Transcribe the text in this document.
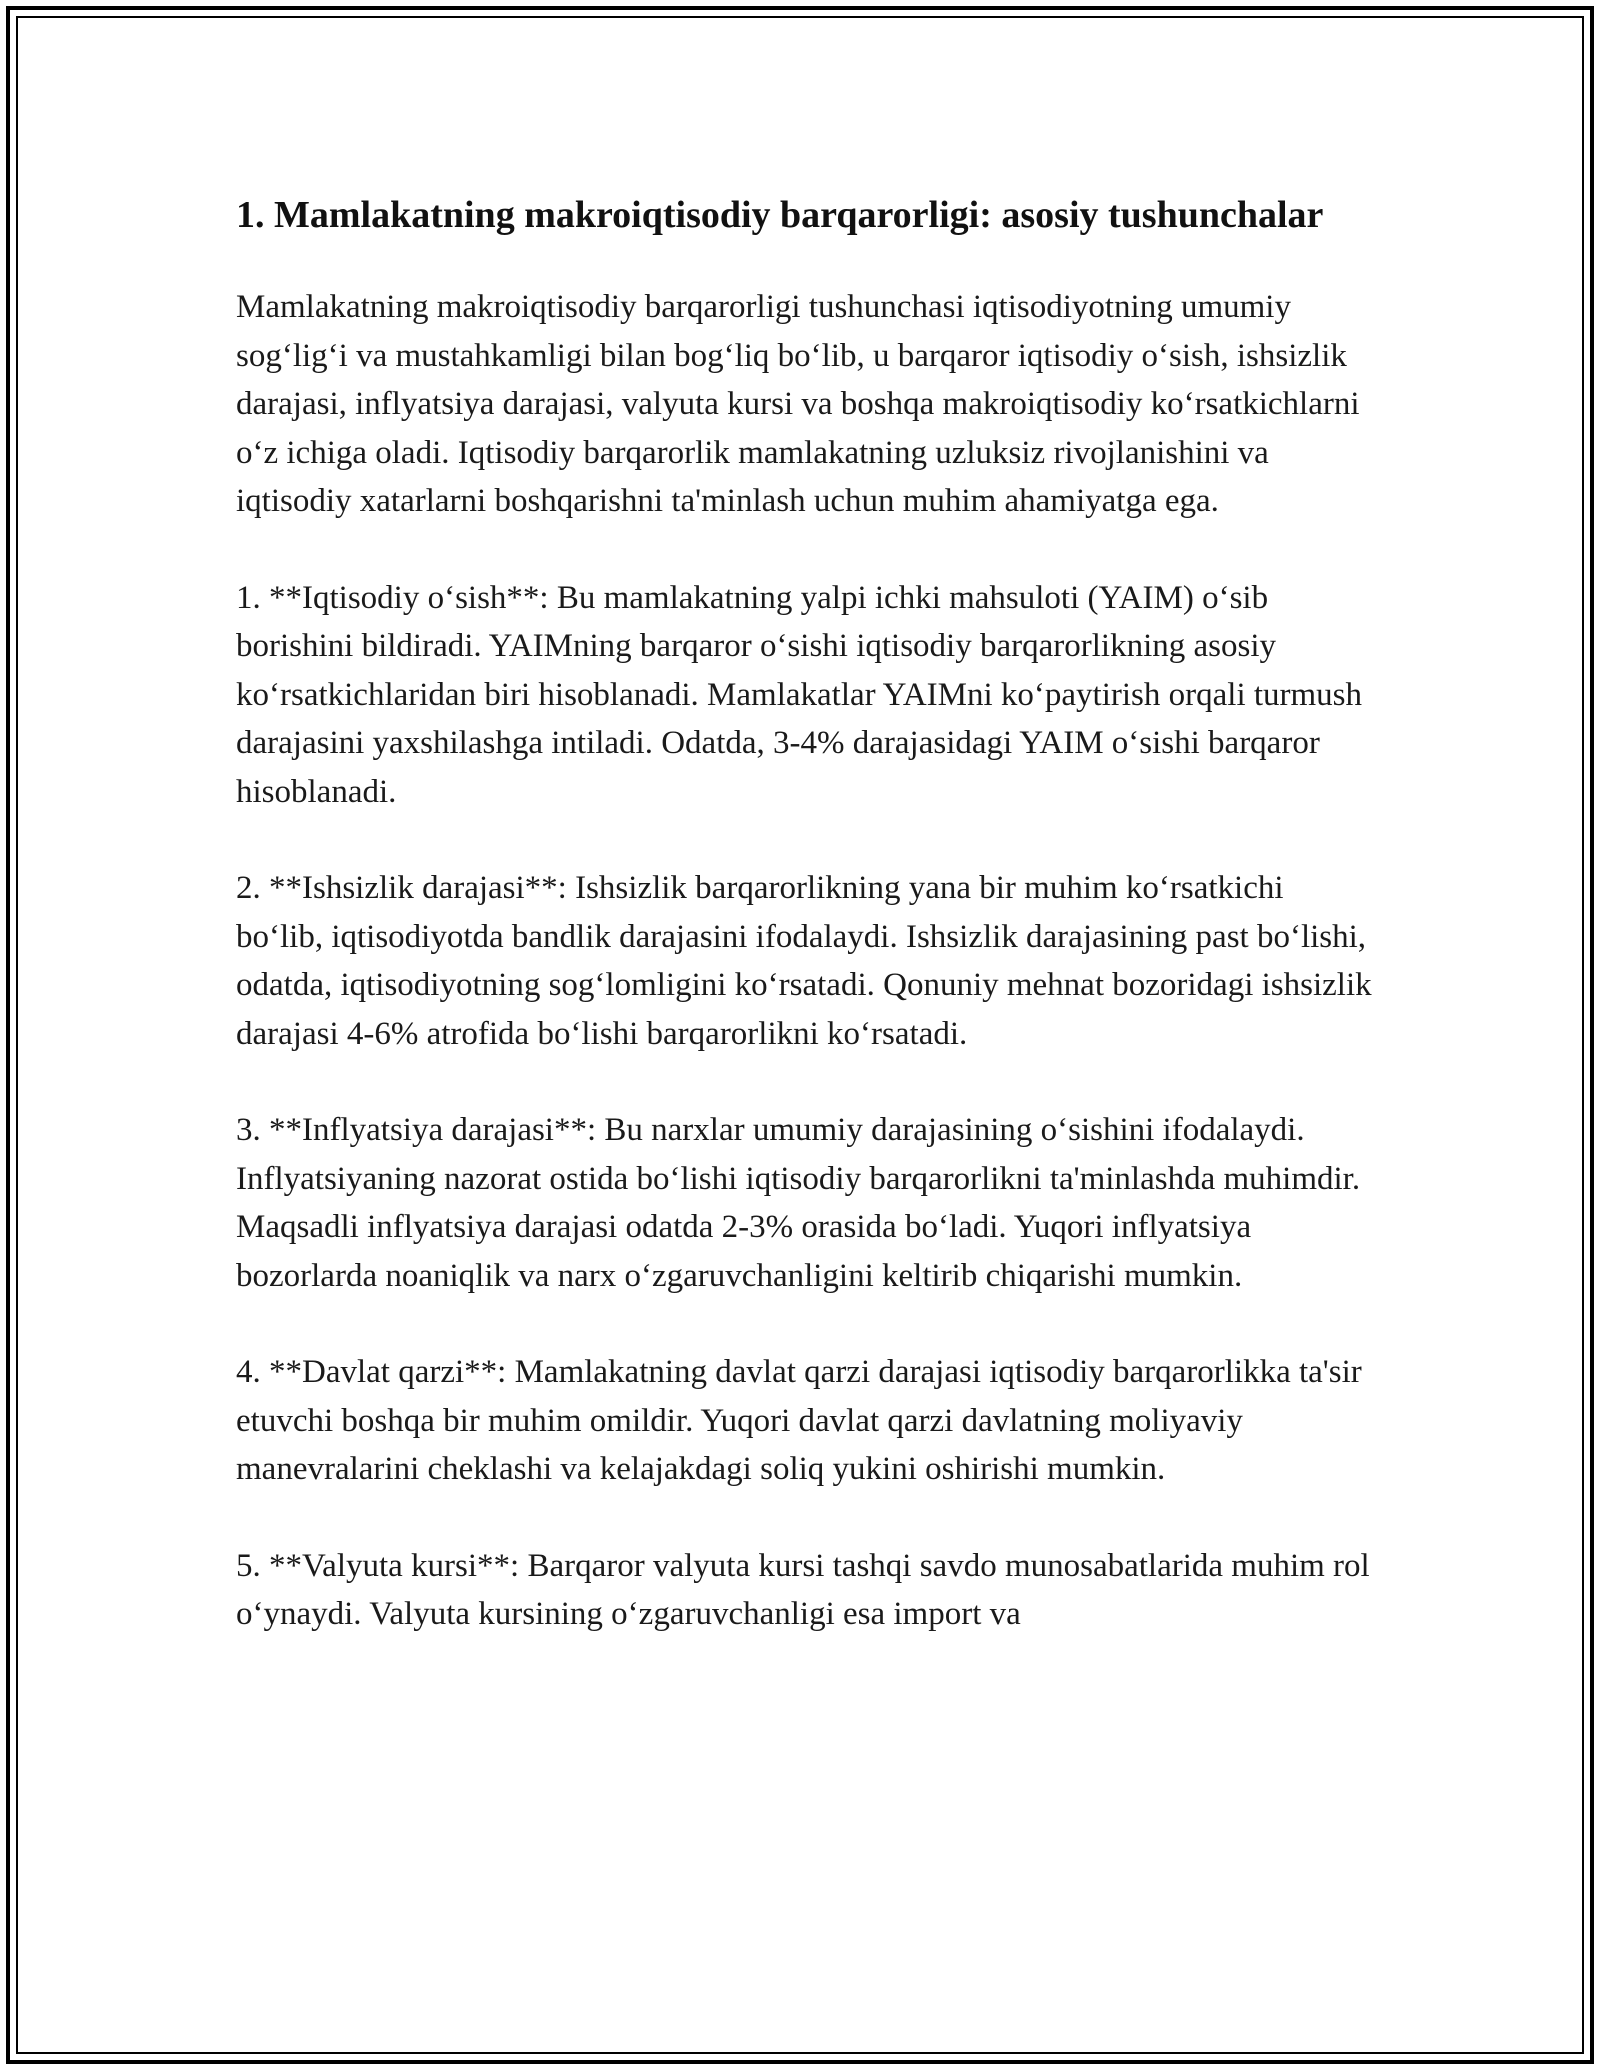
1. Mamlakatning makroiqtisodiy barqarorligi: asosiy tushunchalar

Mamlakatning makroiqtisodiy barqarorligi tushunchasi iqtisodiyotning umumiy sog‘lig‘i va mustahkamligi bilan bog‘liq bo‘lib, u barqaror iqtisodiy o‘sish, ishsizlik darajasi, inflyatsiya darajasi, valyuta kursi va boshqa makroiqtisodiy ko‘rsatkichlarni o‘z ichiga oladi. Iqtisodiy barqarorlik mamlakatning uzluksiz rivojlanishini va iqtisodiy xatarlarni boshqarishni ta'minlash uchun muhim ahamiyatga ega.

1. **Iqtisodiy o‘sish**: Bu mamlakatning yalpi ichki mahsuloti (YAIM) o‘sib borishini bildiradi. YAIMning barqaror o‘sishi iqtisodiy barqarorlikning asosiy ko‘rsatkichlaridan biri hisoblanadi. Mamlakatlar YAIMni ko‘paytirish orqali turmush darajasini yaxshilashga intiladi. Odatda, 3-4% darajasidagi YAIM o‘sishi barqaror hisoblanadi.

2. **Ishsizlik darajasi**: Ishsizlik barqarorlikning yana bir muhim ko‘rsatkichi bo‘lib, iqtisodiyotda bandlik darajasini ifodalaydi. Ishsizlik darajasining past bo‘lishi, odatda, iqtisodiyotning sog‘lomligini ko‘rsatadi. Qonuniy mehnat bozoridagi ishsizlik darajasi 4-6% atrofida bo‘lishi barqarorlikni ko‘rsatadi.

3. **Inflyatsiya darajasi**: Bu narxlar umumiy darajasining o‘sishini ifodalaydi. Inflyatsiyaning nazorat ostida bo‘lishi iqtisodiy barqarorlikni ta'minlashda muhimdir. Maqsadli inflyatsiya darajasi odatda 2-3% orasida bo‘ladi. Yuqori inflyatsiya bozorlarda noaniqlik va narx o‘zgaruvchanligini keltirib chiqarishi mumkin.

4. **Davlat qarzi**: Mamlakatning davlat qarzi darajasi iqtisodiy barqarorlikka ta'sir etuvchi boshqa bir muhim omildir. Yuqori davlat qarzi davlatning moliyaviy manevralarini cheklashi va kelajakdagi soliq yukini oshirishi mumkin.

5. **Valyuta kursi**: Barqaror valyuta kursi tashqi savdo munosabatlarida muhim rol o‘ynaydi. Valyuta kursining o‘zgaruvchanligi esa import va
